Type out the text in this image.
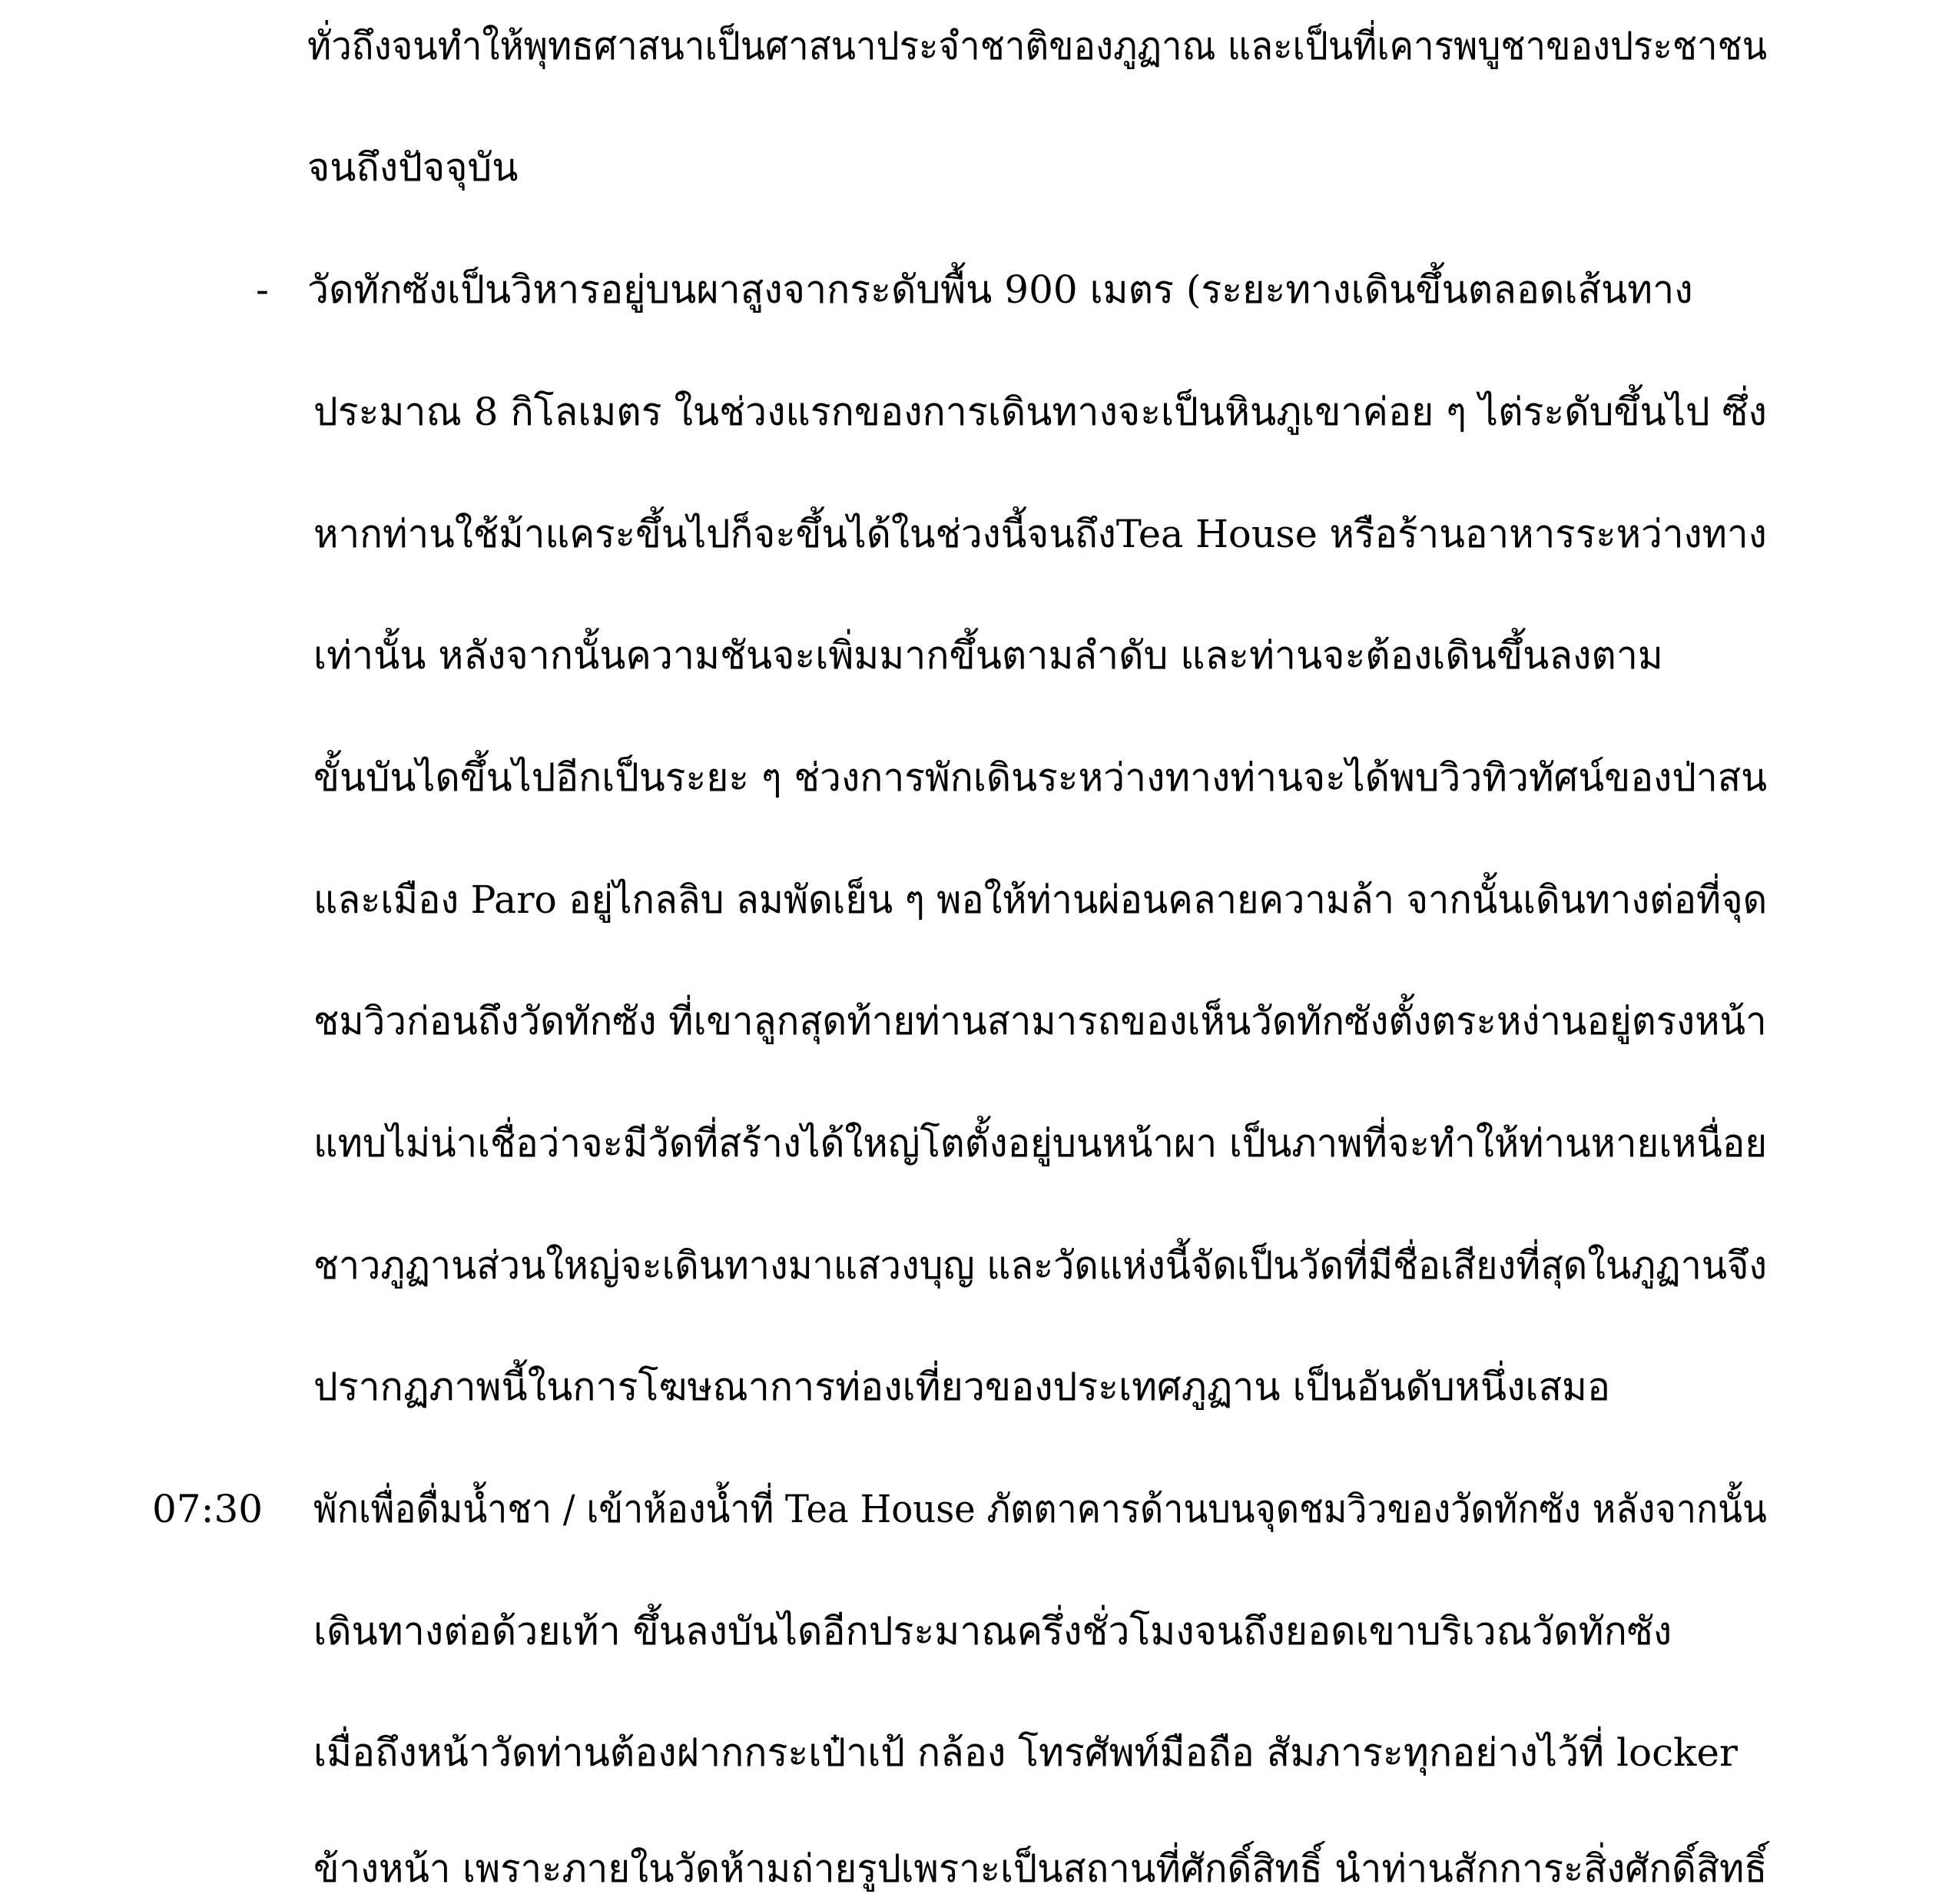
ทั่วถึงจนทำให้พุทธศาสนาเป็นศาสนาประจำชาติของภูฏาณ และเป็นที่เคารพบูชาของประชาชน
จนถึงปัจจุบัน
- วัดทักซังเป็นวิหารอยู่บนผาสูงจากระดับพื้น 900 เมตร (ระยะทางเดินขึ้นตลอดเส้นทาง
ประมาณ 8 กิโลเมตร ในช่วงแรกของการเดินทางจะเป็นหินภูเขาค่อย ๆ ไต่ระดับขึ้นไป ซึ่ง
หากท่านใช้ม้าแคระขึ้นไปก็จะขึ้นได้ในช่วงนี้จนถึงTea House หรือร้านอาหารระหว่างทาง
เท่านั้น หลังจากนั้นความชันจะเพิ่มมากขึ้นตามลำดับ และท่านจะต้องเดินขึ้นลงตาม
ขั้นบันไดขึ้นไปอีกเป็นระยะ ๆ ช่วงการพักเดินระหว่างทางท่านจะได้พบวิวทิวทัศน์ของป่าสน
และเมือง Paro อยู่ไกลลิบ ลมพัดเย็น ๆ พอให้ท่านผ่อนคลายความล้า จากนั้นเดินทางต่อที่จุด
ชมวิวก่อนถึงวัดทักซัง ที่เขาลูกสุดท้ายท่านสามารถของเห็นวัดทักซังตั้งตระหง่านอยู่ตรงหน้า
แทบไม่น่าเชื่อว่าจะมีวัดที่สร้างได้ใหญ่โตตั้งอยู่บนหน้าผา เป็นภาพที่จะทำให้ท่านหายเหนื่อย
ชาวภูฏานส่วนใหญ่จะเดินทางมาแสวงบุญ และวัดแห่งนี้จัดเป็นวัดที่มีชื่อเสียงที่สุดในภูฏานจึง
ปรากฏภาพนี้ในการโฆษณาการท่องเที่ยวของประเทศภูฏาน เป็นอันดับหนึ่งเสมอ
07:30 พักเพื่อดื่มน้ำชา / เข้าห้องน้ำที่ Tea House ภัตตาคารด้านบนจุดชมวิวของวัดทักซัง หลังจากนั้น
เดินทางต่อด้วยเท้า ขึ้นลงบันไดอีกประมาณครึ่งชั่วโมงจนถึงยอดเขาบริเวณวัดทักซัง
เมื่อถึงหน้าวัดท่านต้องฝากกระเป๋าเป้ กล้อง โทรศัพท์มือถือ สัมภาระทุกอย่างไว้ที่ locker
ข้างหน้า เพราะภายในวัดห้ามถ่ายรูปเพราะเป็นสถานที่ศักดิ์สิทธิ์ นำท่านสักการะสิ่งศักดิ์สิทธิ์
